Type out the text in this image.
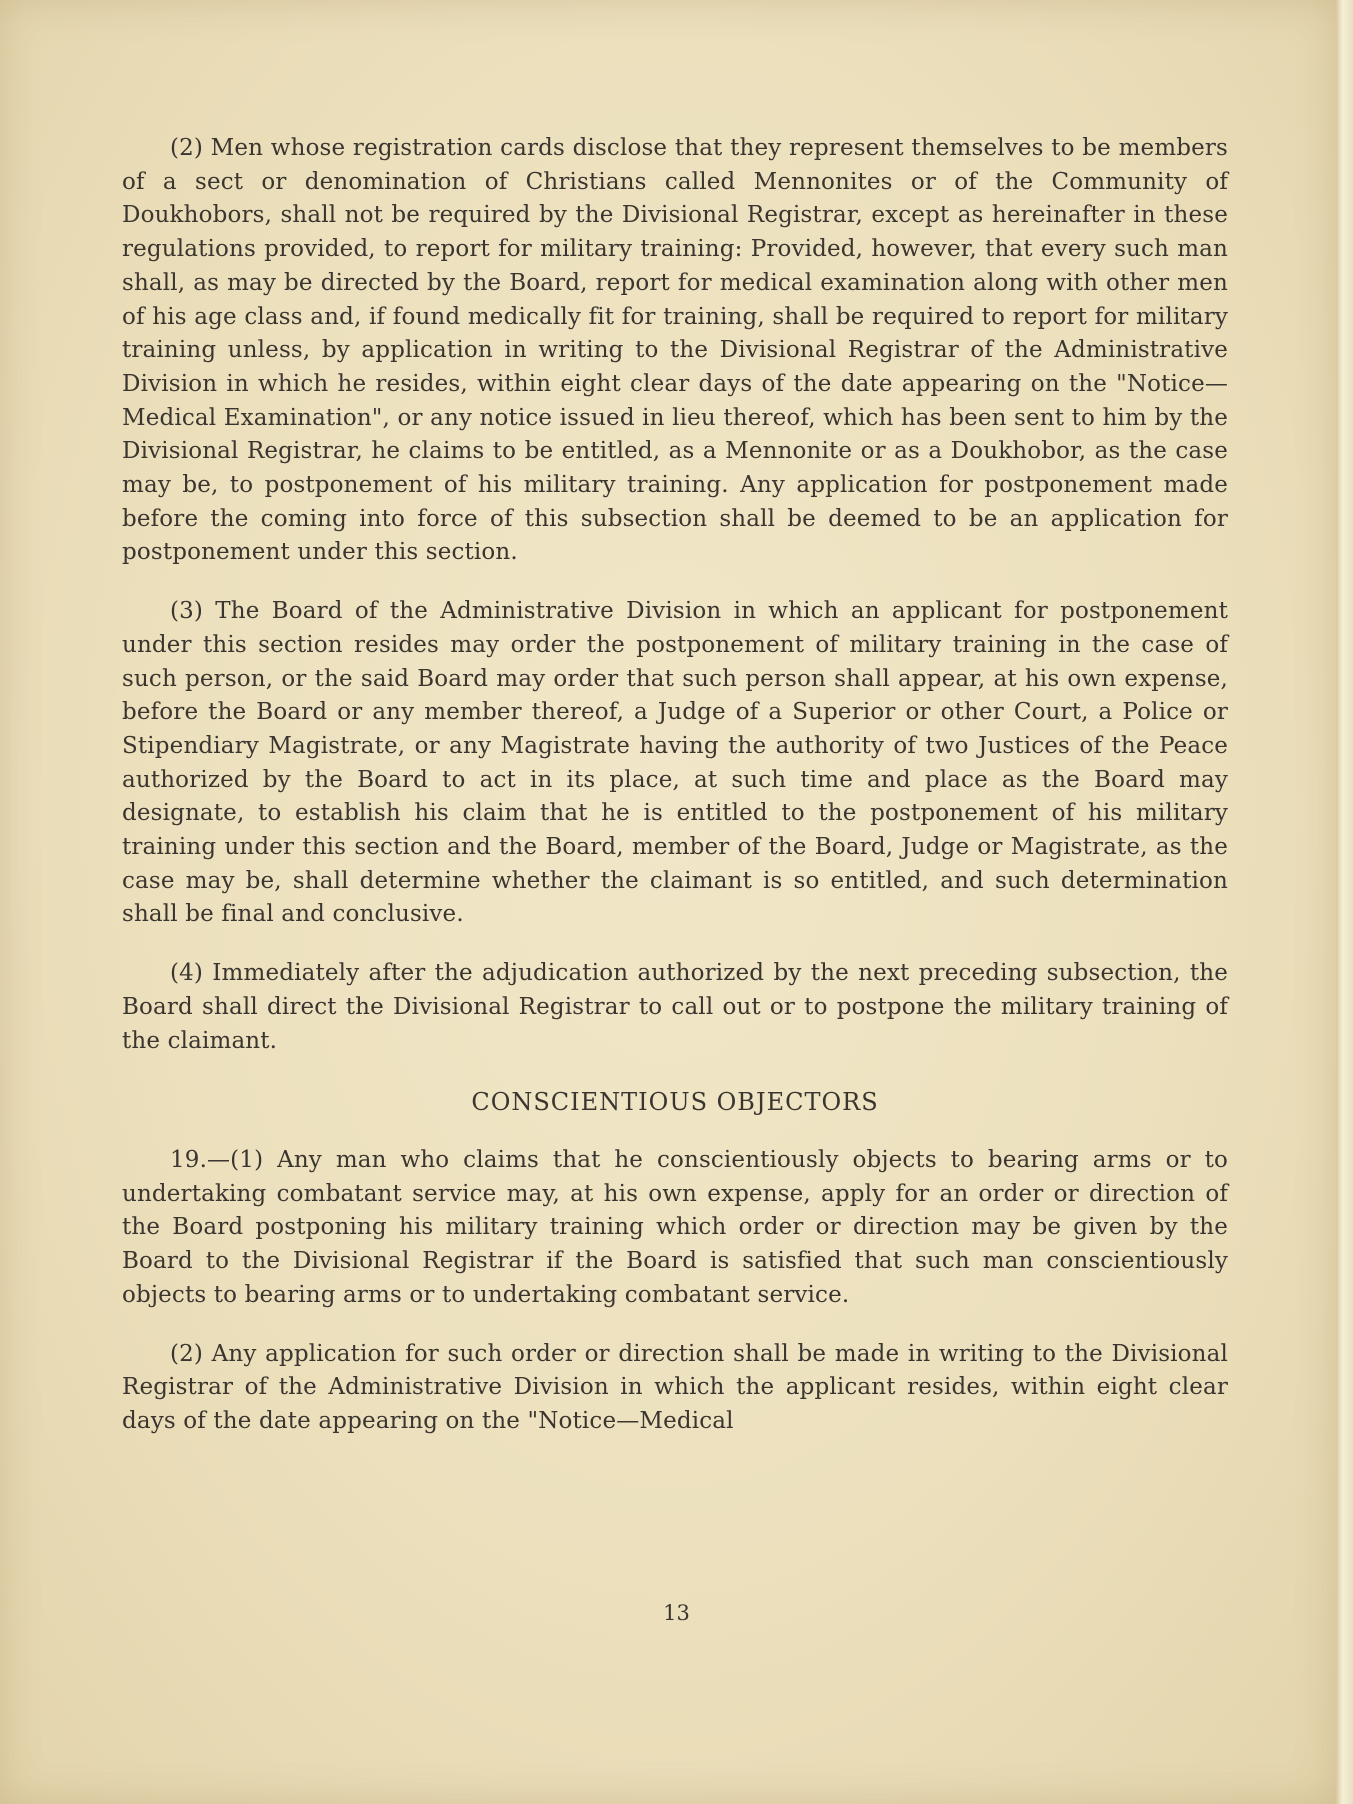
(2) Men whose registration cards disclose that they represent themselves to be members of a sect or denomination of Christians called Mennonites or of the Community of Doukhobors, shall not be required by the Divisional Registrar, except as hereinafter in these regulations provided, to report for military training: Provided, however, that every such man shall, as may be directed by the Board, report for medical examination along with other men of his age class and, if found medically fit for training, shall be required to report for military training unless, by application in writing to the Divisional Registrar of the Administrative Division in which he resides, within eight clear days of the date appearing on the "Notice—Medical Examination", or any notice issued in lieu thereof, which has been sent to him by the Divisional Registrar, he claims to be entitled, as a Mennonite or as a Doukhobor, as the case may be, to postponement of his military training. Any application for postponement made before the coming into force of this subsection shall be deemed to be an application for postponement under this section.

(3) The Board of the Administrative Division in which an applicant for postponement under this section resides may order the postponement of military training in the case of such person, or the said Board may order that such person shall appear, at his own expense, before the Board or any member thereof, a Judge of a Superior or other Court, a Police or Stipendiary Magistrate, or any Magistrate having the authority of two Justices of the Peace authorized by the Board to act in its place, at such time and place as the Board may designate, to establish his claim that he is entitled to the postponement of his military training under this section and the Board, member of the Board, Judge or Magistrate, as the case may be, shall determine whether the claimant is so entitled, and such determination shall be final and conclusive.

(4) Immediately after the adjudication authorized by the next preceding subsection, the Board shall direct the Divisional Registrar to call out or to postpone the military training of the claimant.

CONSCIENTIOUS OBJECTORS

19.—(1) Any man who claims that he conscientiously objects to bearing arms or to undertaking combatant service may, at his own expense, apply for an order or direction of the Board postponing his military training which order or direction may be given by the Board to the Divisional Registrar if the Board is satisfied that such man conscientiously objects to bearing arms or to undertaking combatant service.

(2) Any application for such order or direction shall be made in writing to the Divisional Registrar of the Administrative Division in which the applicant resides, within eight clear days of the date appearing on the "Notice—Medical

13
